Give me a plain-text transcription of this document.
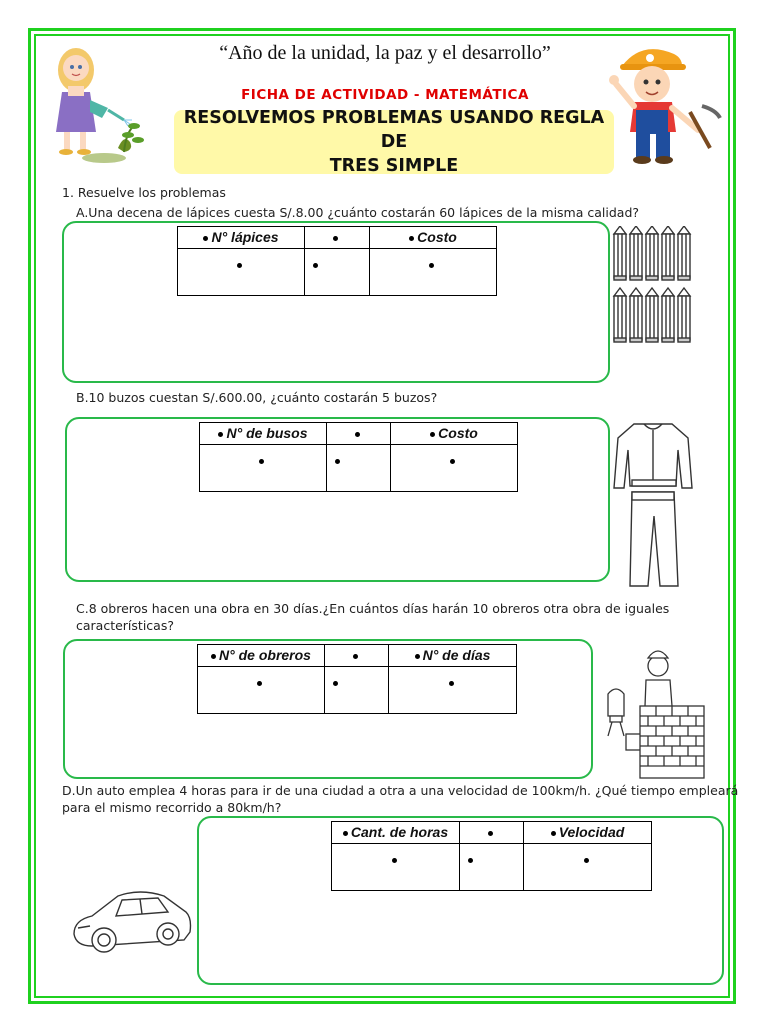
“Año de la unidad, la paz y el desarrollo”
FICHA DE ACTIVIDAD - MATEMÁTICA
RESOLVEMOS PROBLEMAS USANDO REGLA DE
TRES SIMPLE
1. Resuelve los problemas
A.Una decena de lápices cuesta S/.8.00 ¿cuánto costarán 60 lápices de la misma calidad?
N° lápices		Costo

B.10 buzos cuestan S/.600.00, ¿cuánto costarán 5 buzos?
N° de busos		Costo

C.8 obreros hacen una obra en 30 días.¿En cuántos días harán 10 obreros otra obra de iguales
características?
N° de obreros		N° de días

D.Un auto emplea 4 horas para ir de una ciudad a otra a una velocidad de 100km/h. ¿Qué tiempo empleará
para el mismo recorrido a 80km/h?
Cant. de horas		Velocidad
